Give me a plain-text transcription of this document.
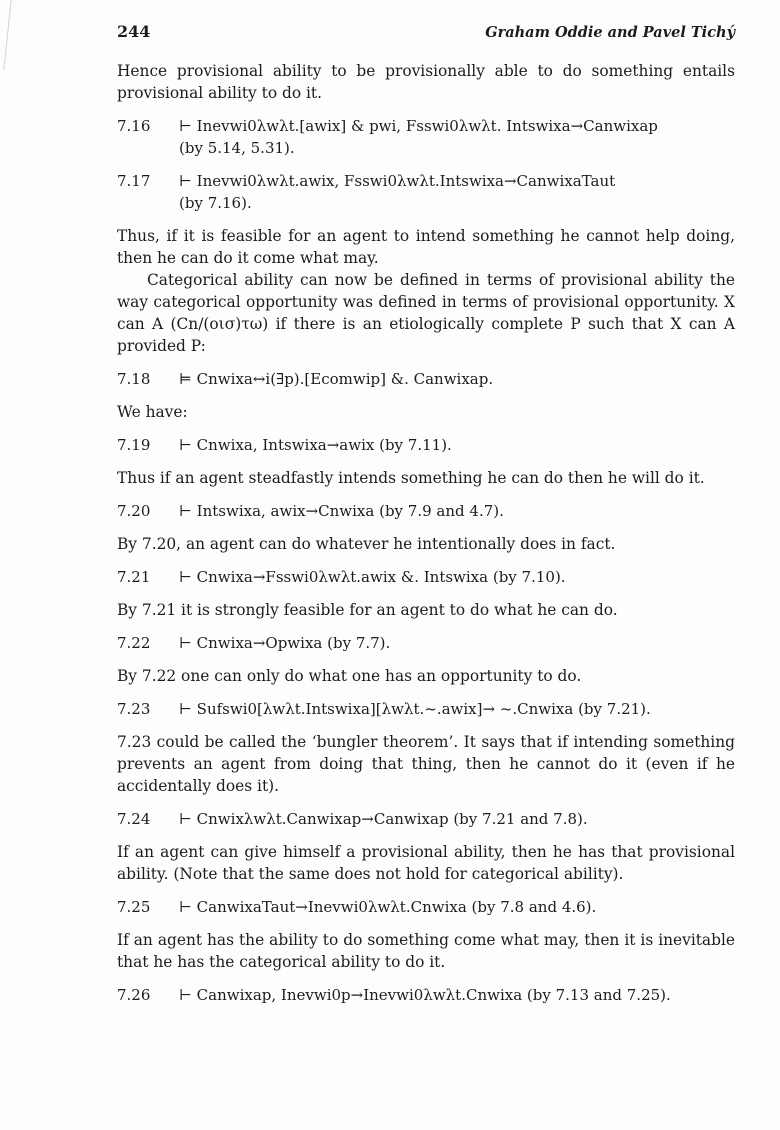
244	Graham Oddie and Pavel Tichý

Hence provisional ability to be provisionally able to do something entails provisional ability to do it.

7.16	⊢ Inevwi0λwλt.[awix] & pwi, Fsswi0λwλt. Intswixa→Canwixap
(by 5.14, 5.31).
7.17	⊢ Inevwi0λwλt.awix, Fsswi0λwλt.Intswixa→CanwixaTaut
(by 7.16).

Thus, if it is feasible for an agent to intend something he cannot help doing, then he can do it come what may.

Categorical ability can now be defined in terms of provisional ability the way categorical opportunity was defined in terms of provisional opportunity. X can A (Cn/(οισ)τω) if there is an etiologically complete P such that X can A provided P:

7.18	⊨ Cnwixa↔i(∃p).[Ecomwip] &. Canwixap.

We have:

7.19	⊢ Cnwixa, Intswixa→awix (by 7.11).

Thus if an agent steadfastly intends something he can do then he will do it.

7.20	⊢ Intswixa, awix→Cnwixa (by 7.9 and 4.7).

By 7.20, an agent can do whatever he intentionally does in fact.

7.21	⊢ Cnwixa→Fsswi0λwλt.awix &. Intswixa (by 7.10).

By 7.21 it is strongly feasible for an agent to do what he can do.

7.22	⊢ Cnwixa→Opwixa (by 7.7).

By 7.22 one can only do what one has an opportunity to do.

7.23	⊢ Sufswi0[λwλt.Intswixa][λwλt.~.awix]→ ~.Cnwixa (by 7.21).

7.23 could be called the ‘bungler theorem’. It says that if intending something prevents an agent from doing that thing, then he cannot do it (even if he accidentally does it).

7.24	⊢ Cnwixλwλt.Canwixap→Canwixap (by 7.21 and 7.8).

If an agent can give himself a provisional ability, then he has that provisional ability. (Note that the same does not hold for categorical ability).

7.25	⊢ CanwixaTaut→Inevwi0λwλt.Cnwixa (by 7.8 and 4.6).

If an agent has the ability to do something come what may, then it is inevitable that he has the categorical ability to do it.

7.26	⊢ Canwixap, Inevwi0p→Inevwi0λwλt.Cnwixa (by 7.13 and 7.25).
